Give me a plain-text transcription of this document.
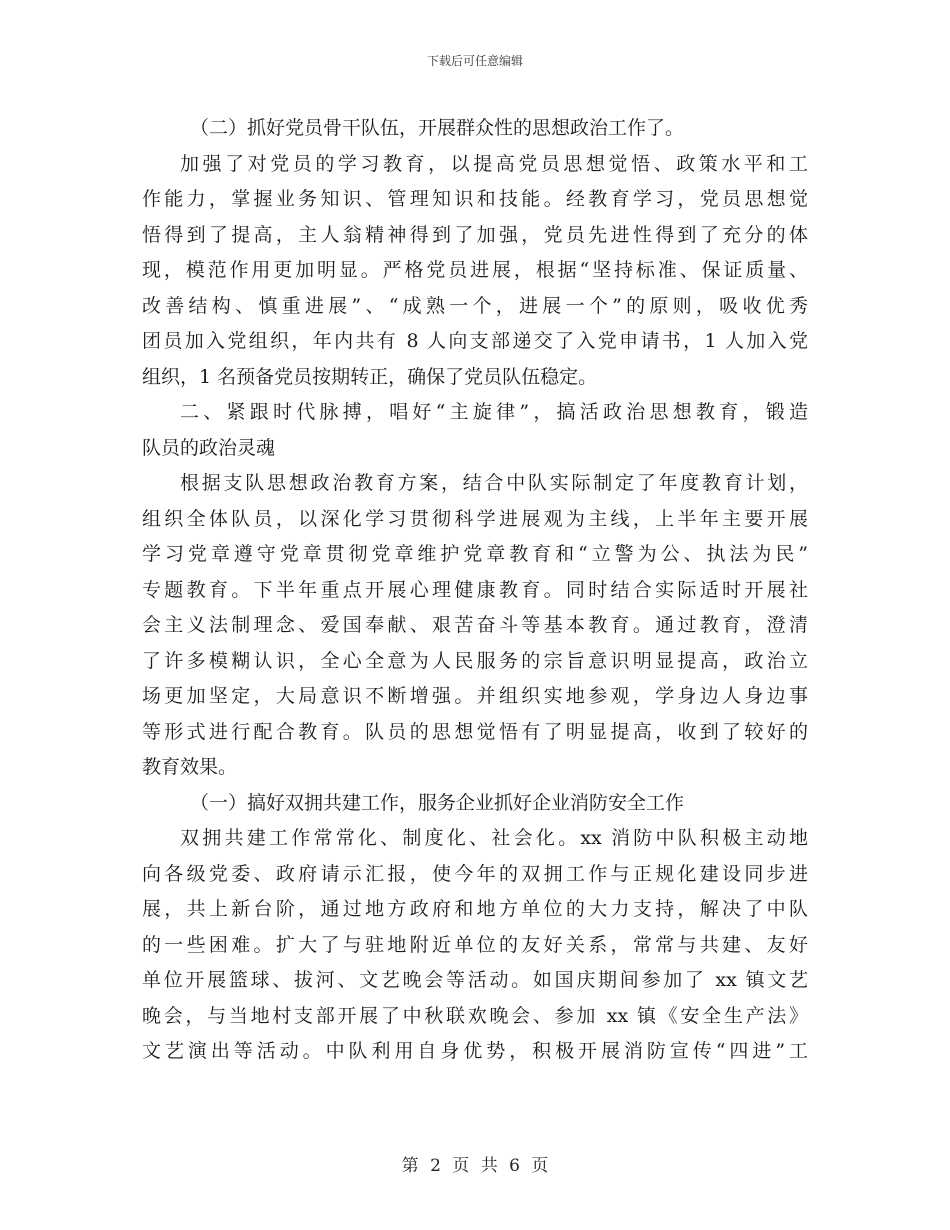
下载后可任意编辑
（二）抓好党员骨干队伍，开展群众性的思想政治工作了。
加强了对党员的学习教育，以提高党员思想觉悟、政策水平和工
作能力，掌握业务知识、管理知识和技能。经教育学习，党员思想觉
悟得到了提高，主人翁精神得到了加强，党员先进性得到了充分的体
现，模范作用更加明显。严格党员进展，根据“坚持标准、保证质量、
改善结构、慎重进展”、“成熟一个，进展一个”的原则，吸收优秀
团员加入党组织，年内共有 8 人向支部递交了入党申请书，1 人加入党
组织，1 名预备党员按期转正，确保了党员队伍稳定。
二、紧跟时代脉搏，唱好“主旋律”，搞活政治思想教育，锻造
队员的政治灵魂
根据支队思想政治教育方案，结合中队实际制定了年度教育计划，
组织全体队员，以深化学习贯彻科学进展观为主线，上半年主要开展
学习党章遵守党章贯彻党章维护党章教育和“立警为公、执法为民”
专题教育。下半年重点开展心理健康教育。同时结合实际适时开展社
会主义法制理念、爱国奉献、艰苦奋斗等基本教育。通过教育，澄清
了许多模糊认识，全心全意为人民服务的宗旨意识明显提高，政治立
场更加坚定，大局意识不断增强。并组织实地参观，学身边人身边事
等形式进行配合教育。队员的思想觉悟有了明显提高，收到了较好的
教育效果。
（一）搞好双拥共建工作，服务企业抓好企业消防安全工作
双拥共建工作常常化、制度化、社会化。xx 消防中队积极主动地
向各级党委、政府请示汇报，使今年的双拥工作与正规化建设同步进
展，共上新台阶，通过地方政府和地方单位的大力支持，解决了中队
的一些困难。扩大了与驻地附近单位的友好关系，常常与共建、友好
单位开展篮球、拔河、文艺晚会等活动。如国庆期间参加了 xx 镇文艺
晚会，与当地村支部开展了中秋联欢晚会、参加 xx 镇《安全生产法》
文艺演出等活动。中队利用自身优势，积极开展消防宣传“四进”工
第 2 页 共 6 页
